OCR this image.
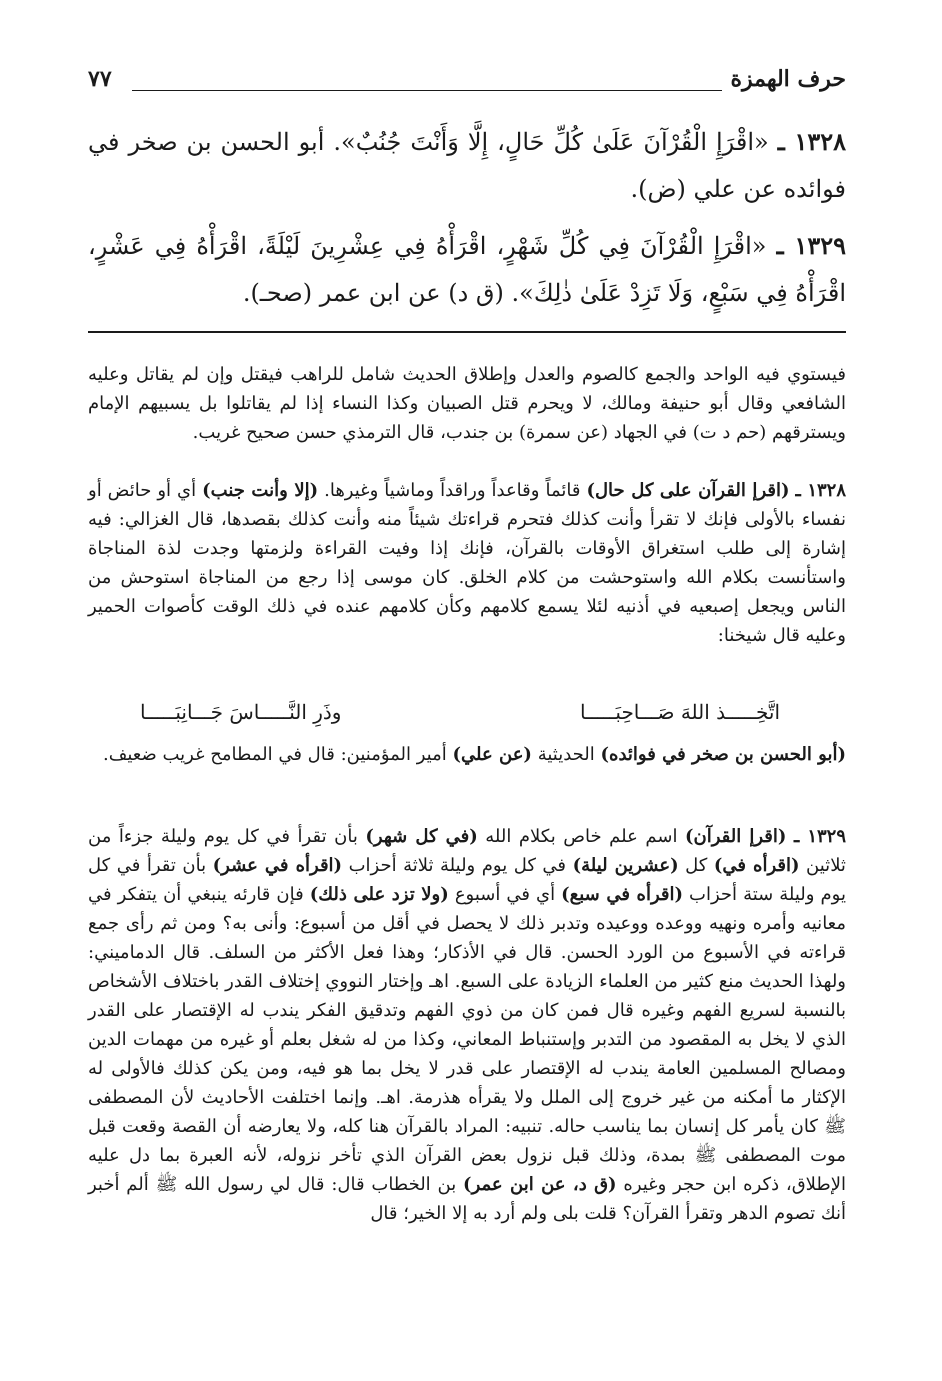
حرف الهمزة
٧٧
١٣٢٨ ـ «اقْرَإِ الْقُرْآنَ عَلَىٰ كُلِّ حَالٍ، إِلَّا وَأَنْتَ جُنُبٌ». أبو الحسن بن صخر في فوائده عن علي (ض).
١٣٢٩ ـ «اقْرَإِ الْقُرْآنَ فِي كُلِّ شَهْرٍ، اقْرَأْهُ فِي عِشْرِينَ لَيْلَةً، اقْرَأْهُ فِي عَشْرٍ، اقْرَأْهُ فِي سَبْعٍ، وَلَا تَزِدْ عَلَىٰ ذٰلِكَ». (ق د) عن ابن عمر (صحـ).

فيستوي فيه الواحد والجمع كالصوم والعدل وإطلاق الحديث شامل للراهب فيقتل وإن لم يقاتل وعليه الشافعي وقال أبو حنيفة ومالك، لا ويحرم قتل الصبيان وكذا النساء إذا لم يقاتلوا بل يسبيهم الإمام ويسترقهم (حم د ت) في الجهاد (عن سمرة) بن جندب، قال الترمذي حسن صحيح غريب.

١٣٢٨ ـ (اقرإ القرآن على كل حال) قائماً وقاعداً وراقداً وماشياً وغيرها. (إلا وأنت جنب) أي أو حائض أو نفساء بالأولى فإنك لا تقرأ وأنت كذلك فتحرم قراءتك شيئاً منه وأنت كذلك بقصدها، قال الغزالي: فيه إشارة إلى طلب استغراق الأوقات بالقرآن، فإنك إذا وفيت القراءة ولزمتها وجدت لذة المناجاة واستأنست بكلام الله واستوحشت من كلام الخلق. كان موسى إذا رجع من المناجاة استوحش من الناس ويجعل إصبعيه في أذنيه لئلا يسمع كلامهم وكأن كلامهم عنده في ذلك الوقت كأصوات الحمير وعليه قال شيخنا:

اتَّخِـــــذ اللهَ صَـــاحِبَـــــا
وذَرِ النَّـــــاسَ جَـــانِبَـــــا

(أبو الحسن بن صخر في فوائده) الحديثية (عن علي) أمير المؤمنين: قال في المطامح غريب ضعيف.

١٣٢٩ ـ (اقرإ القرآن) اسم علم خاص بكلام الله (في كل شهر) بأن تقرأ في كل يوم وليلة جزءاً من ثلاثين (اقرأه في) كل (عشرين ليلة) في كل يوم وليلة ثلاثة أحزاب (اقرأه في عشر) بأن تقرأ في كل يوم وليلة ستة أحزاب (اقرأه في سبع) أي في أسبوع (ولا تزد على ذلك) فإن قارئه ينبغي أن يتفكر في معانيه وأمره ونهيه ووعده ووعيده وتدبر ذلك لا يحصل في أقل من أسبوع: وأنى به؟ ومن ثم رأى جمع قراءته في الأسبوع من الورد الحسن. قال في الأذكار؛ وهذا فعل الأكثر من السلف. قال الدماميني: ولهذا الحديث منع كثير من العلماء الزيادة على السبع. اهـ وإختار النووي إختلاف القدر باختلاف الأشخاص بالنسبة لسريع الفهم وغيره قال فمن كان من ذوي الفهم وتدقيق الفكر يندب له الإقتصار على القدر الذي لا يخل به المقصود من التدبر وإستنباط المعاني، وكذا من له شغل بعلم أو غيره من مهمات الدين ومصالح المسلمين العامة يندب له الإقتصار على قدر لا يخل بما هو فيه، ومن يكن كذلك فالأولى له الإكثار ما أمكنه من غير خروج إلى الملل ولا يقرأه هذرمة. اهـ. وإنما اختلفت الأحاديث لأن المصطفى ﷺ كان يأمر كل إنسان بما يناسب حاله. تنبيه: المراد بالقرآن هنا كله، ولا يعارضه أن القصة وقعت قبل موت المصطفى ﷺ بمدة، وذلك قبل نزول بعض القرآن الذي تأخر نزوله، لأنه العبرة بما دل عليه الإطلاق، ذكره ابن حجر وغيره (ق د، عن ابن عمر) بن الخطاب قال: قال لي رسول الله ﷺ ألم أخبر أنك تصوم الدهر وتقرأ القرآن؟ قلت بلى ولم أرد به إلا الخير؛ قال
